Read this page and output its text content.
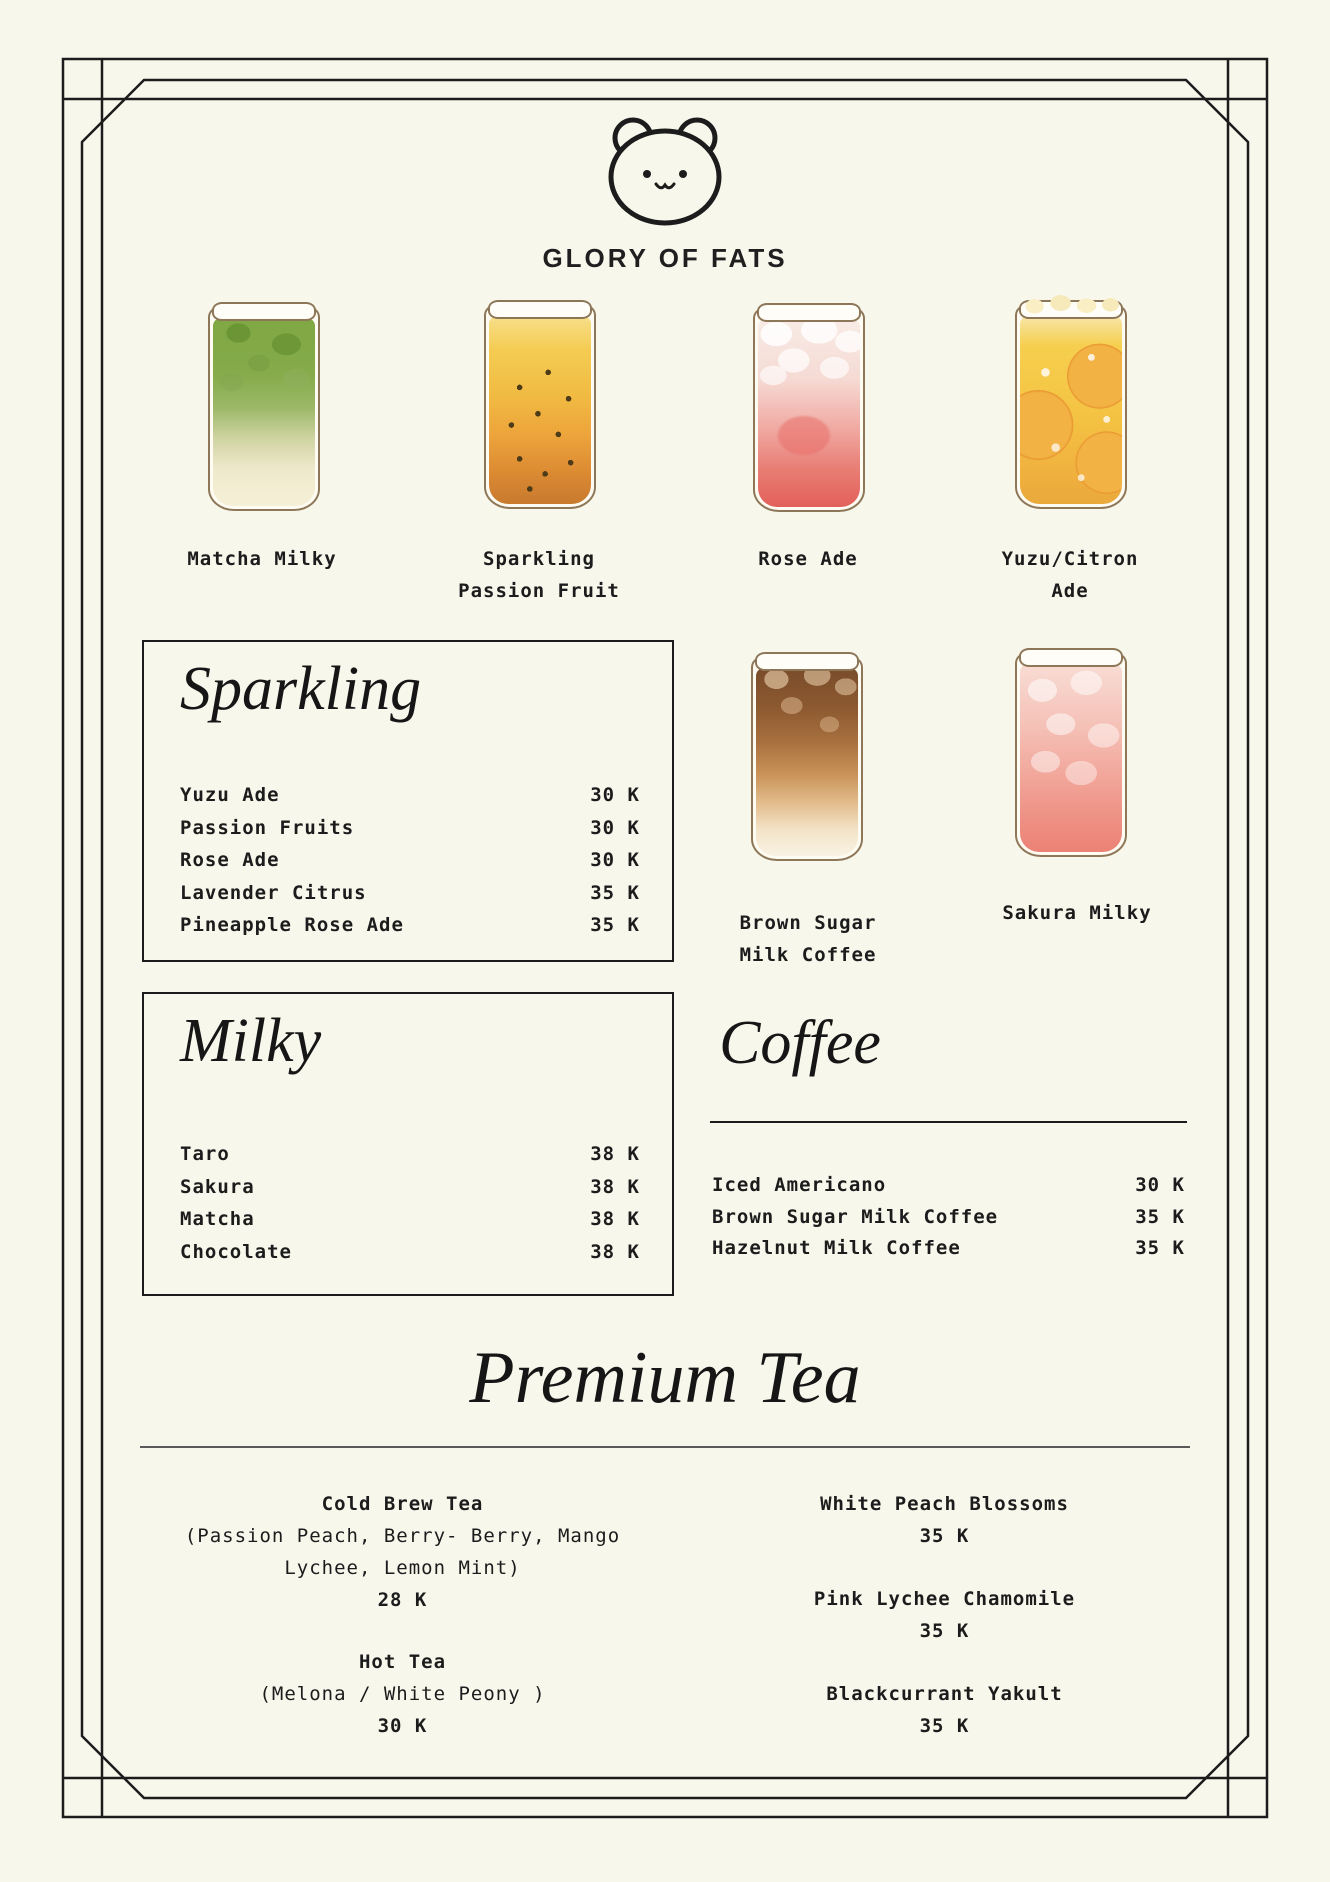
GLORY OF FATS
Matcha Milky	Sparkling
Passion Fruit
Rose Ade	Yuzu/Citron
Ade
Brown Sugar
Milk Coffee
Sakura Milky
Sparkling
Yuzu Ade	30 K
Passion Fruits	30 K
Rose Ade	30 K
Lavender Citrus	35 K
Pineapple Rose Ade	35 K
Milky
Taro	38 K
Sakura	38 K
Matcha	38 K
Chocolate	38 K
Coffee
Iced Americano	30 K
Brown Sugar Milk Coffee	35 K
Hazelnut Milk Coffee	35 K
Premium Tea
Cold Brew Tea
(Passion Peach, Berry- Berry, Mango
Lychee, Lemon Mint)
28 K
Hot Tea
(Melona / White Peony )
30 K
White Peach Blossoms
35 K
Pink Lychee Chamomile
35 K
Blackcurrant Yakult
35 K
